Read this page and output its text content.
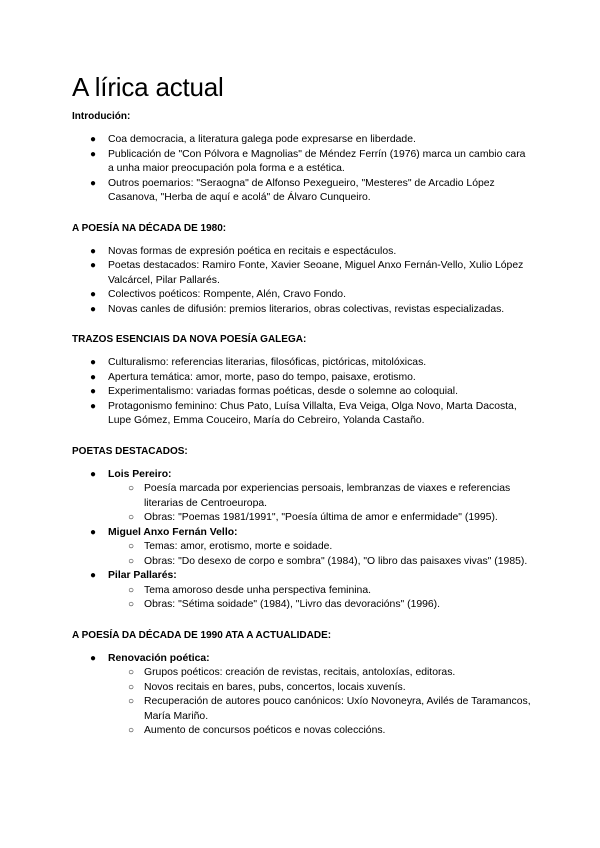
A lírica actual

Introdución:

●	Coa democracia, a literatura galega pode expresarse en liberdade.
●	Publicación de "Con Pólvora e Magnolias" de Méndez Ferrín (1976) marca un cambio cara a unha maior preocupación pola forma e a estética.
●	Outros poemarios: "Seraogna" de Alfonso Pexegueiro, "Mesteres" de Arcadio López Casanova, "Herba de aquí e acolá" de Álvaro Cunqueiro.

A POESÍA NA DÉCADA DE 1980:

●	Novas formas de expresión poética en recitais e espectáculos.
●	Poetas destacados: Ramiro Fonte, Xavier Seoane, Miguel Anxo Fernán-Vello, Xulio López Valcárcel, Pilar Pallarés.
●	Colectivos poéticos: Rompente, Alén, Cravo Fondo.
●	Novas canles de difusión: premios literarios, obras colectivas, revistas especializadas.

TRAZOS ESENCIAIS DA NOVA POESÍA GALEGA:

●	Culturalismo: referencias literarias, filosóficas, pictóricas, mitolóxicas.
●	Apertura temática: amor, morte, paso do tempo, paisaxe, erotismo.
●	Experimentalismo: variadas formas poéticas, desde o solemne ao coloquial.
●	Protagonismo feminino: Chus Pato, Luísa Villalta, Eva Veiga, Olga Novo, Marta Dacosta, Lupe Gómez, Emma Couceiro, María do Cebreiro, Yolanda Castaño.

POETAS DESTACADOS:

●	Lois Pereiro:
○ Poesía marcada por experiencias persoais, lembranzas de viaxes e referencias literarias de Centroeuropa.
○ Obras: "Poemas 1981/1991", "Poesía última de amor e enfermidade" (1995).
●	Miguel Anxo Fernán Vello:
○ Temas: amor, erotismo, morte e soidade.
○ Obras: "Do desexo de corpo e sombra" (1984), "O libro das paisaxes vivas" (1985).
●	Pilar Pallarés:
○ Tema amoroso desde unha perspectiva feminina.
○ Obras: "Sétima soidade" (1984), "Livro das devoracións" (1996).

A POESÍA DA DÉCADA DE 1990 ATA A ACTUALIDADE:

●	Renovación poética:
○ Grupos poéticos: creación de revistas, recitais, antoloxías, editoras.
○ Novos recitais en bares, pubs, concertos, locais xuvenís.
○ Recuperación de autores pouco canónicos: Uxío Novoneyra, Avilés de Taramancos, María Mariño.
○ Aumento de concursos poéticos e novas coleccións.
